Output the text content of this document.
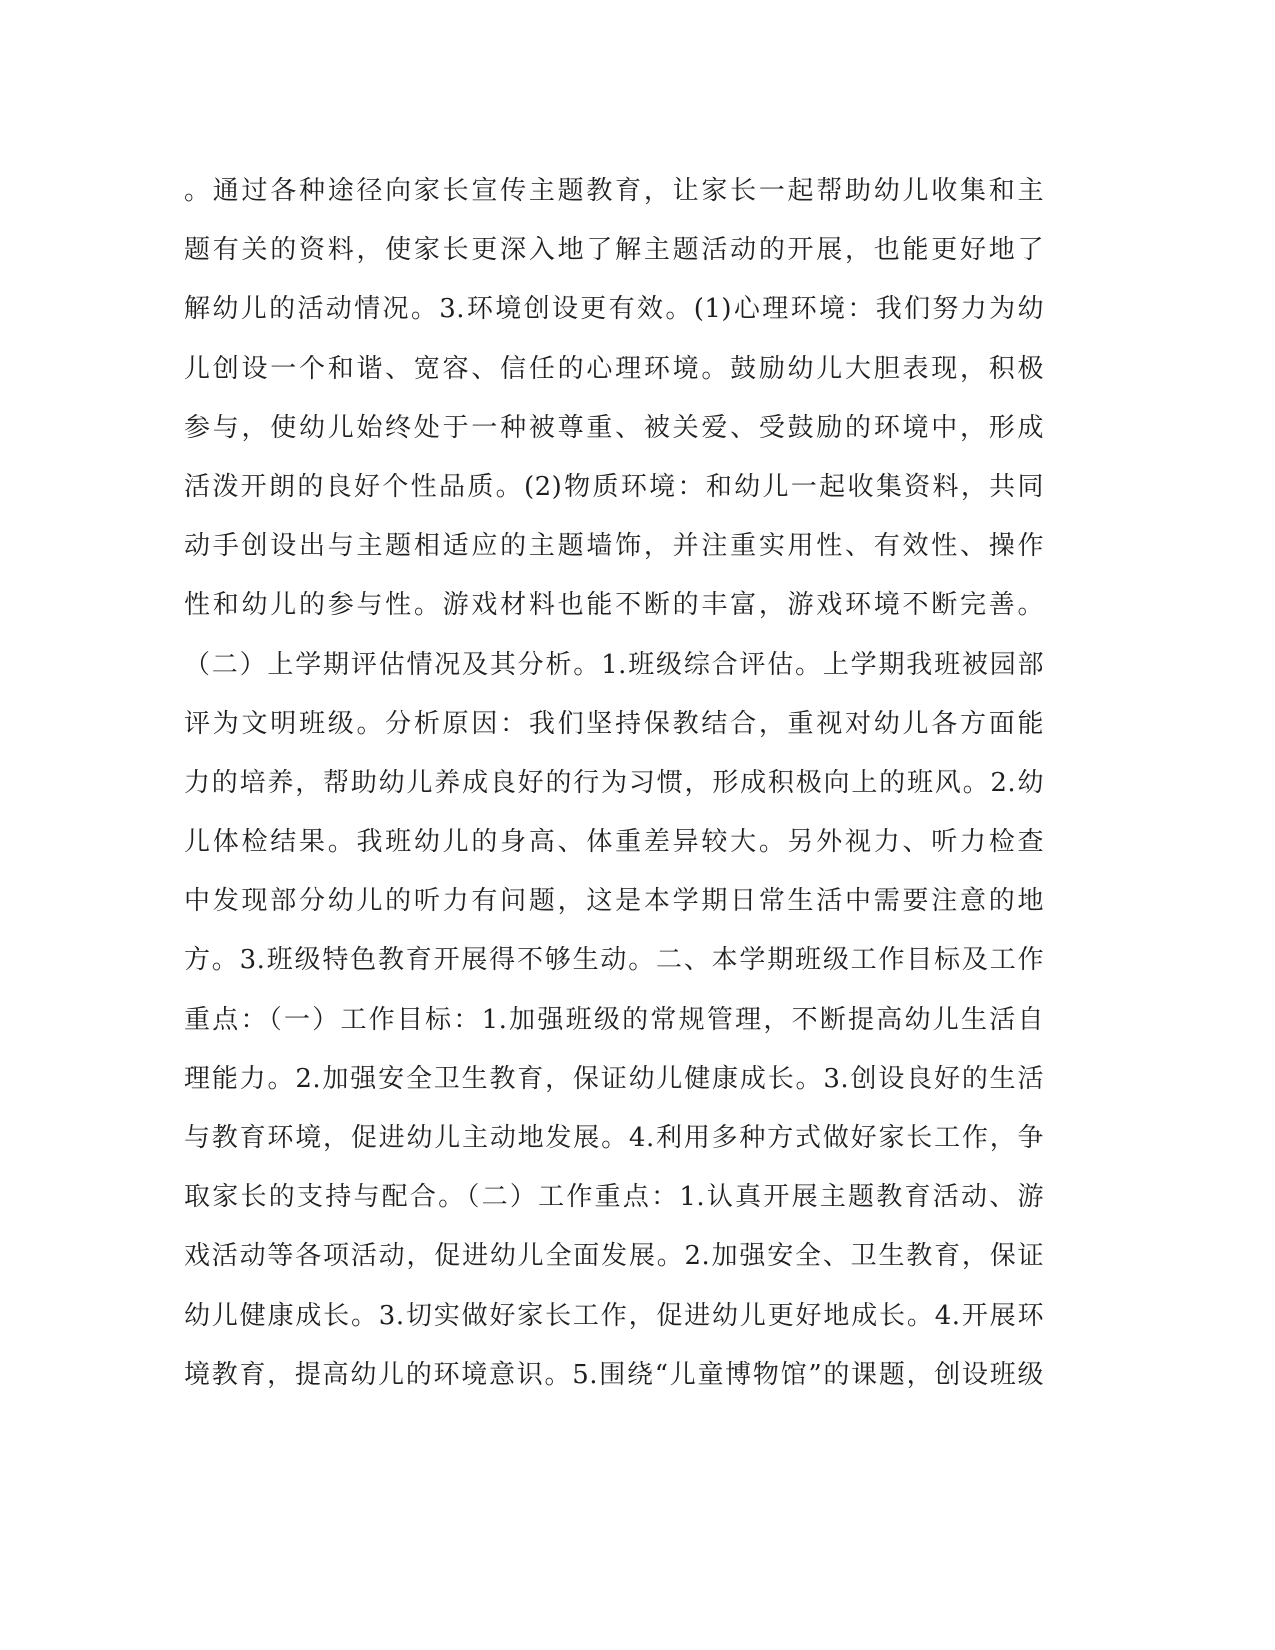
。通过各种途径向家长宣传主题教育，让家长一起帮助幼儿收集和主
题有关的资料，使家长更深入地了解主题活动的开展，也能更好地了
解幼儿的活动情况。3.环境创设更有效。(1)心理环境：我们努力为幼
儿创设一个和谐、宽容、信任的心理环境。鼓励幼儿大胆表现，积极
参与，使幼儿始终处于一种被尊重、被关爱、受鼓励的环境中，形成
活泼开朗的良好个性品质。(2)物质环境：和幼儿一起收集资料，共同
动手创设出与主题相适应的主题墙饰，并注重实用性、有效性、操作
性和幼儿的参与性。游戏材料也能不断的丰富，游戏环境不断完善。
（二）上学期评估情况及其分析。1.班级综合评估。上学期我班被园部
评为文明班级。分析原因：我们坚持保教结合，重视对幼儿各方面能
力的培养，帮助幼儿养成良好的行为习惯，形成积极向上的班风。2.幼
儿体检结果。我班幼儿的身高、体重差异较大。另外视力、听力检查
中发现部分幼儿的听力有问题，这是本学期日常生活中需要注意的地
方。3.班级特色教育开展得不够生动。二、本学期班级工作目标及工作
重点：（一）工作目标：1.加强班级的常规管理，不断提高幼儿生活自
理能力。2.加强安全卫生教育，保证幼儿健康成长。3.创设良好的生活
与教育环境，促进幼儿主动地发展。4.利用多种方式做好家长工作，争
取家长的支持与配合。（二）工作重点：1.认真开展主题教育活动、游
戏活动等各项活动，促进幼儿全面发展。2.加强安全、卫生教育，保证
幼儿健康成长。3.切实做好家长工作，促进幼儿更好地成长。4.开展环
境教育，提高幼儿的环境意识。5.围绕“儿童博物馆”的课题，创设班级
